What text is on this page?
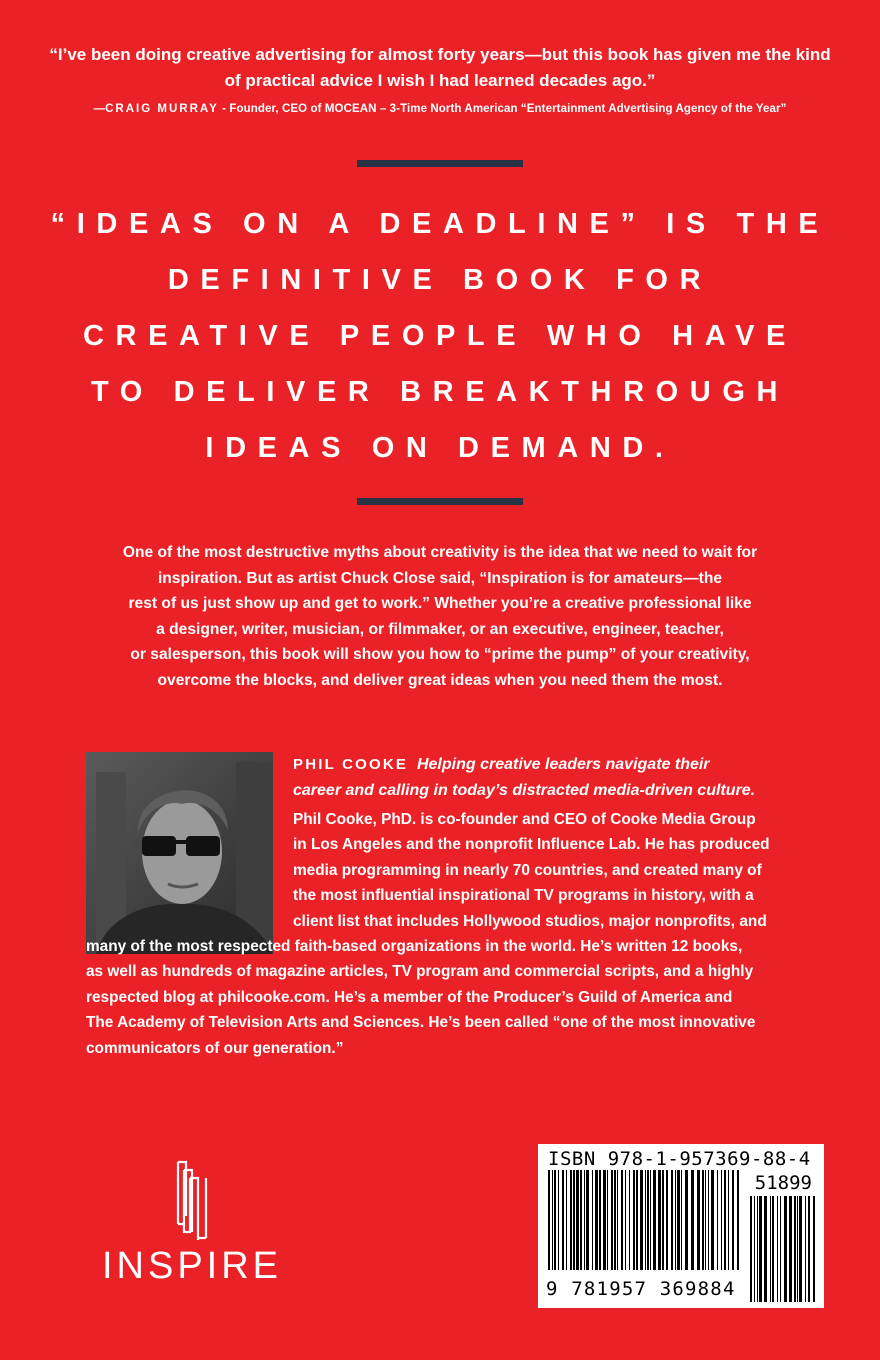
“I’ve been doing creative advertising for almost forty years—but this book has given me the kind of practical advice I wish I had learned decades ago.”

—CRAIG MURRAY - Founder, CEO of MOCEAN – 3-Time North American “Entertainment Advertising Agency of the Year”
“IDEAS ON A DEADLINE” IS THE
DEFINITIVE BOOK FOR
CREATIVE PEOPLE WHO HAVE
TO DELIVER BREAKTHROUGH
IDEAS ON DEMAND.
One of the most destructive myths about creativity is the idea that we need to wait for
inspiration. But as artist Chuck Close said, “Inspiration is for amateurs—the
rest of us just show up and get to work.” Whether you’re a creative professional like
a designer, writer, musician, or filmmaker, or an executive, engineer, teacher,
or salesperson, this book will show you how to “prime the pump” of your creativity,
overcome the blocks, and deliver great ideas when you need them the most.
PHIL COOKE Helping creative leaders navigate their
career and calling in today’s distracted media-driven culture.
Phil Cooke, PhD. is co-founder and CEO of Cooke Media Group
in Los Angeles and the nonprofit Influence Lab. He has produced
media programming in nearly 70 countries, and created many of
the most influential inspirational TV programs in history, with a
client list that includes Hollywood studios, major nonprofits, and
many of the most respected faith-based organizations in the world. He’s written 12 books,
as well as hundreds of magazine articles, TV program and commercial scripts, and a highly
respected blog at philcooke.com. He’s a member of the Producer’s Guild of America and
The Academy of Television Arts and Sciences. He’s been called “one of the most innovative
communicators of our generation.”
INSPIRE
ISBN 978-1-957369-88-4
51899
9 781957 369884
